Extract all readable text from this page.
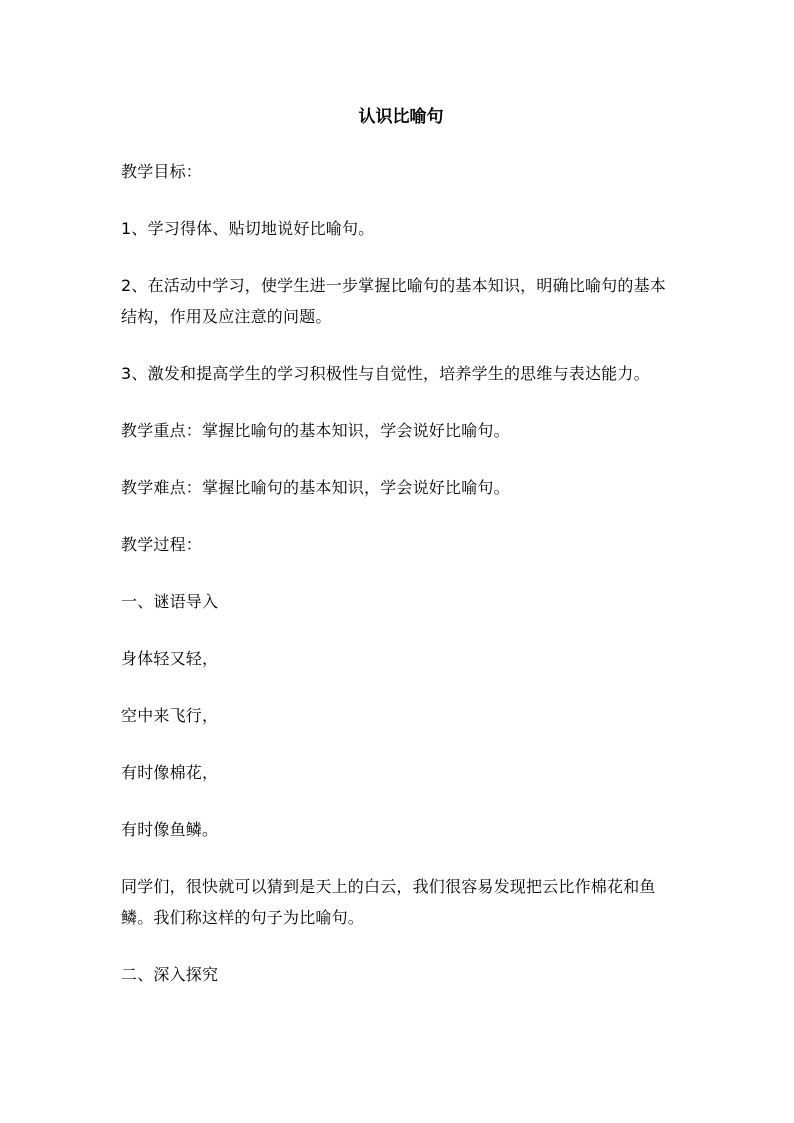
认识比喻句

教学目标：

1、学习得体、贴切地说好比喻句。

2、在活动中学习，使学生进一步掌握比喻句的基本知识，明确比喻句的基本结构，作用及应注意的问题。

3、激发和提高学生的学习积极性与自觉性，培养学生的思维与表达能力。

教学重点：掌握比喻句的基本知识，学会说好比喻句。

教学难点：掌握比喻句的基本知识，学会说好比喻句。

教学过程：

一、谜语导入

身体轻又轻，

空中来飞行，

有时像棉花，

有时像鱼鳞。

同学们，很快就可以猜到是天上的白云，我们很容易发现把云比作棉花和鱼鳞。我们称这样的句子为比喻句。

二、深入探究
